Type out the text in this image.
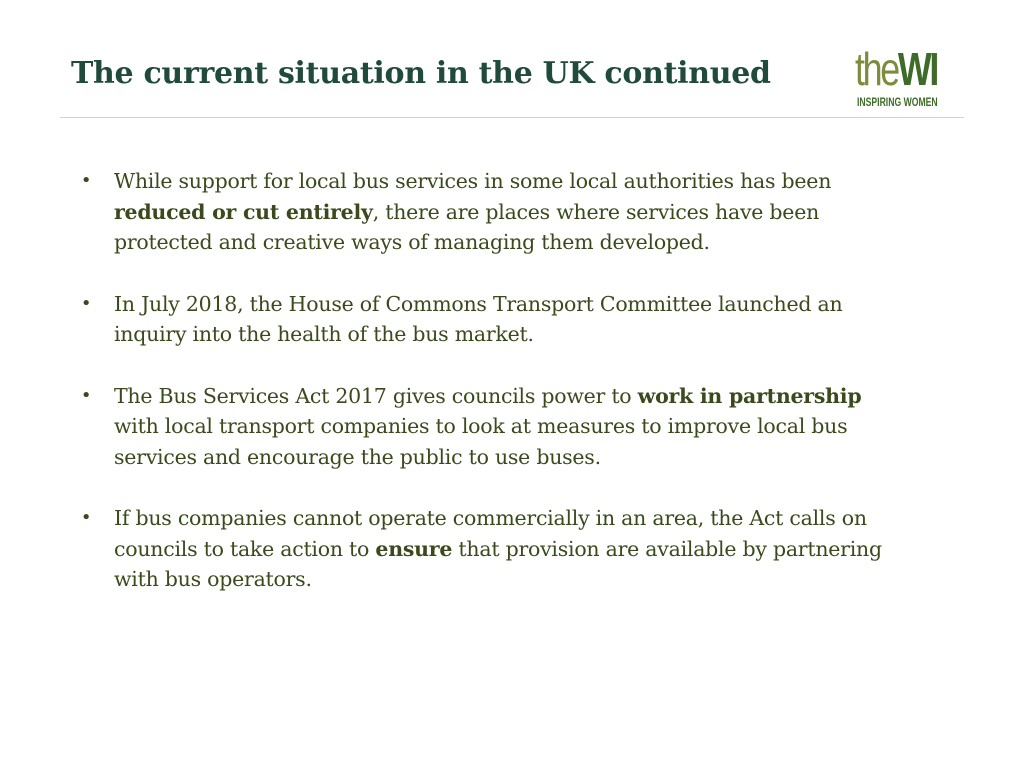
The current situation in the UK continued theWI
INSPIRING WOMEN
• While support for local bus services in some local authorities has been reduced or cut entirely, there are places where services have been protected and creative ways of managing them developed.
• In July 2018, the House of Commons Transport Committee launched an inquiry into the health of the bus market.
• The Bus Services Act 2017 gives councils power to work in partnership with local transport companies to look at measures to improve local bus services and encourage the public to use buses.
• If bus companies cannot operate commercially in an area, the Act calls on councils to take action to ensure that provision are available by partnering with bus operators.
